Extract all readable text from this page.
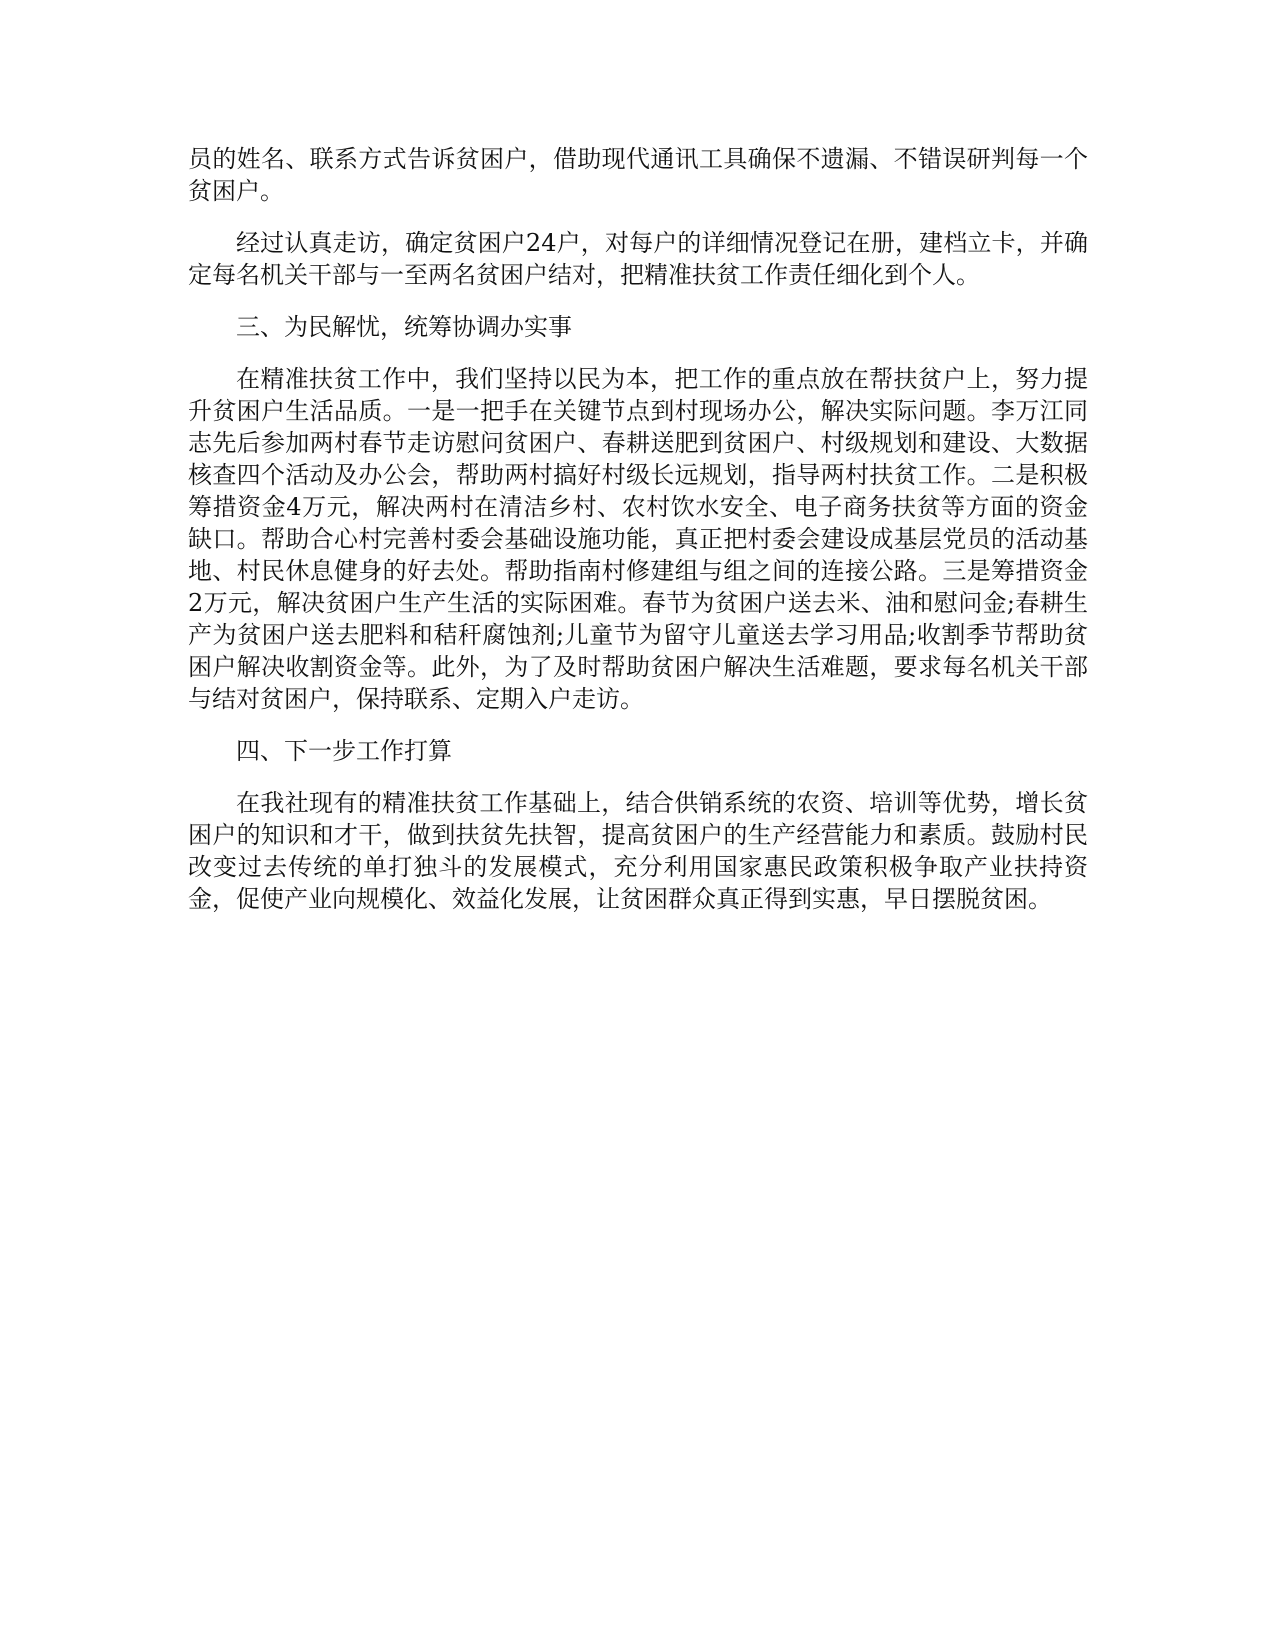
员的姓名、联系方式告诉贫困户，借助现代通讯工具确保不遗漏、不错误研判每一个贫困户。

经过认真走访，确定贫困户24户，对每户的详细情况登记在册，建档立卡，并确定每名机关干部与一至两名贫困户结对，把精准扶贫工作责任细化到个人。

三、为民解忧，统筹协调办实事

在精准扶贫工作中，我们坚持以民为本，把工作的重点放在帮扶贫户上，努力提升贫困户生活品质。一是一把手在关键节点到村现场办公，解决实际问题。李万江同志先后参加两村春节走访慰问贫困户、春耕送肥到贫困户、村级规划和建设、大数据核查四个活动及办公会，帮助两村搞好村级长远规划，指导两村扶贫工作。二是积极筹措资金4万元，解决两村在清洁乡村、农村饮水安全、电子商务扶贫等方面的资金缺口。帮助合心村完善村委会基础设施功能，真正把村委会建设成基层党员的活动基地、村民休息健身的好去处。帮助指南村修建组与组之间的连接公路。三是筹措资金2万元，解决贫困户生产生活的实际困难。春节为贫困户送去米、油和慰问金;春耕生产为贫困户送去肥料和秸秆腐蚀剂;儿童节为留守儿童送去学习用品;收割季节帮助贫困户解决收割资金等。此外，为了及时帮助贫困户解决生活难题，要求每名机关干部与结对贫困户，保持联系、定期入户走访。

四、下一步工作打算

在我社现有的精准扶贫工作基础上，结合供销系统的农资、培训等优势，增长贫困户的知识和才干，做到扶贫先扶智，提高贫困户的生产经营能力和素质。鼓励村民改变过去传统的单打独斗的发展模式，充分利用国家惠民政策积极争取产业扶持资金，促使产业向规模化、效益化发展，让贫困群众真正得到实惠，早日摆脱贫困。
